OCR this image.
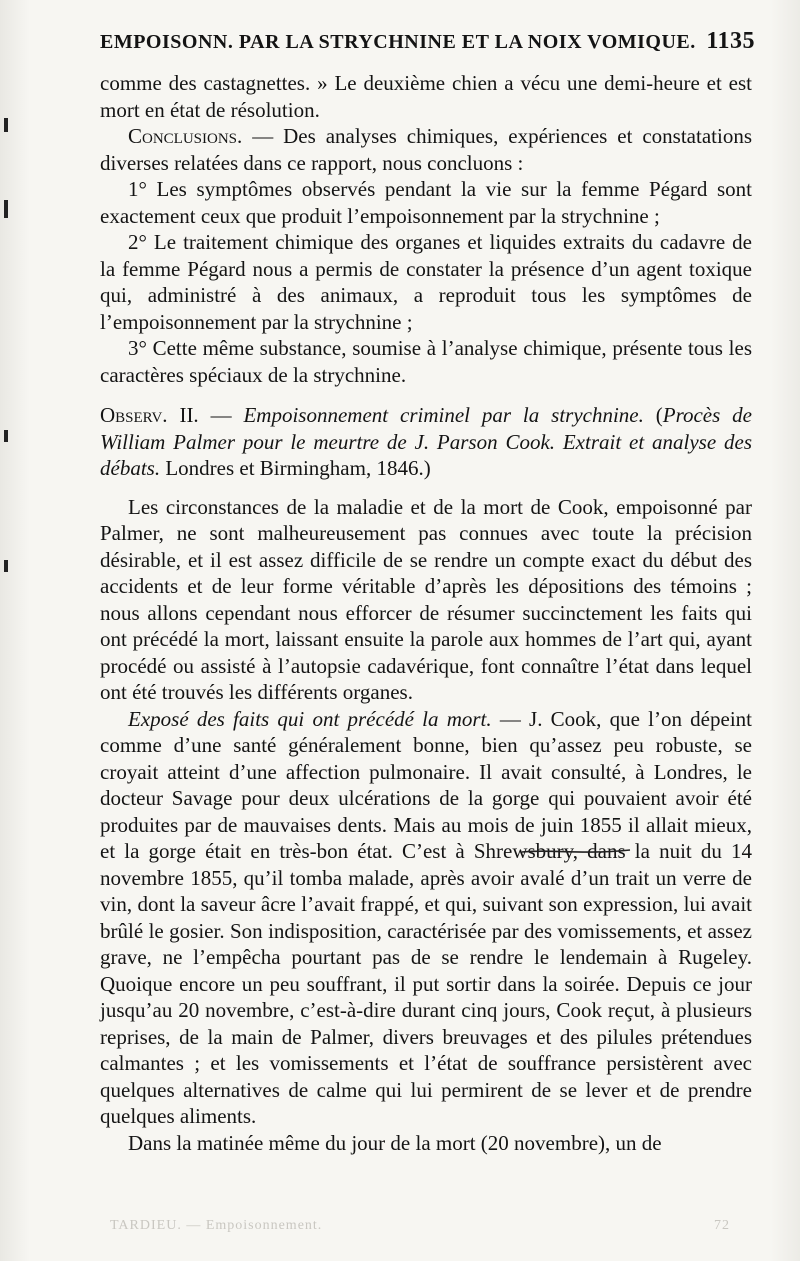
EMPOISONN. PAR LA STRYCHNINE ET LA NOIX VOMIQUE. 1135

comme des castagnettes. » Le deuxième chien a vécu une demi-heure et est mort en état de résolution.

Conclusions. — Des analyses chimiques, expériences et constatations diverses relatées dans ce rapport, nous concluons :

1° Les symptômes observés pendant la vie sur la femme Pégard sont exactement ceux que produit l’empoisonnement par la strychnine ;

2° Le traitement chimique des organes et liquides extraits du cadavre de la femme Pégard nous a permis de constater la présence d’un agent toxique qui, administré à des animaux, a reproduit tous les symptômes de l’empoisonnement par la strychnine ;

3° Cette même substance, soumise à l’analyse chimique, présente tous les caractères spéciaux de la strychnine.

Observ. II. — Empoisonnement criminel par la strychnine. (Procès de William Palmer pour le meurtre de J. Parson Cook. Extrait et analyse des débats. Londres et Birmingham, 1846.)

Les circonstances de la maladie et de la mort de Cook, empoisonné par Palmer, ne sont malheureusement pas connues avec toute la précision désirable, et il est assez difficile de se rendre un compte exact du début des accidents et de leur forme véritable d’après les dépositions des témoins ; nous allons cependant nous efforcer de résumer succinctement les faits qui ont précédé la mort, laissant ensuite la parole aux hommes de l’art qui, ayant procédé ou assisté à l’autopsie cadavérique, font connaître l’état dans lequel ont été trouvés les différents organes.

Exposé des faits qui ont précédé la mort. — J. Cook, que l’on dépeint comme d’une santé généralement bonne, bien qu’assez peu robuste, se croyait atteint d’une affection pulmonaire. Il avait consulté, à Londres, le docteur Savage pour deux ulcérations de la gorge qui pouvaient avoir été produites par de mauvaises dents. Mais au mois de juin 1855 il allait mieux, et la gorge était en très-bon état. C’est à Shrewsbury, dans la nuit du 14 novembre 1855, qu’il tomba malade, après avoir avalé d’un trait un verre de vin, dont la saveur âcre l’avait frappé, et qui, suivant son expression, lui avait brûlé le gosier. Son indisposition, caractérisée par des vomissements, et assez grave, ne l’empêcha pourtant pas de se rendre le lendemain à Rugeley. Quoique encore un peu souffrant, il put sortir dans la soirée. Depuis ce jour jusqu’au 20 novembre, c’est-à-dire durant cinq jours, Cook reçut, à plusieurs reprises, de la main de Palmer, divers breuvages et des pilules prétendues calmantes ; et les vomissements et l’état de souffrance persistèrent avec quelques alternatives de calme qui lui permirent de se lever et de prendre quelques aliments.

Dans la matinée même du jour de la mort (20 novembre), un de

TARDIEU. — Empoisonnement.	72
